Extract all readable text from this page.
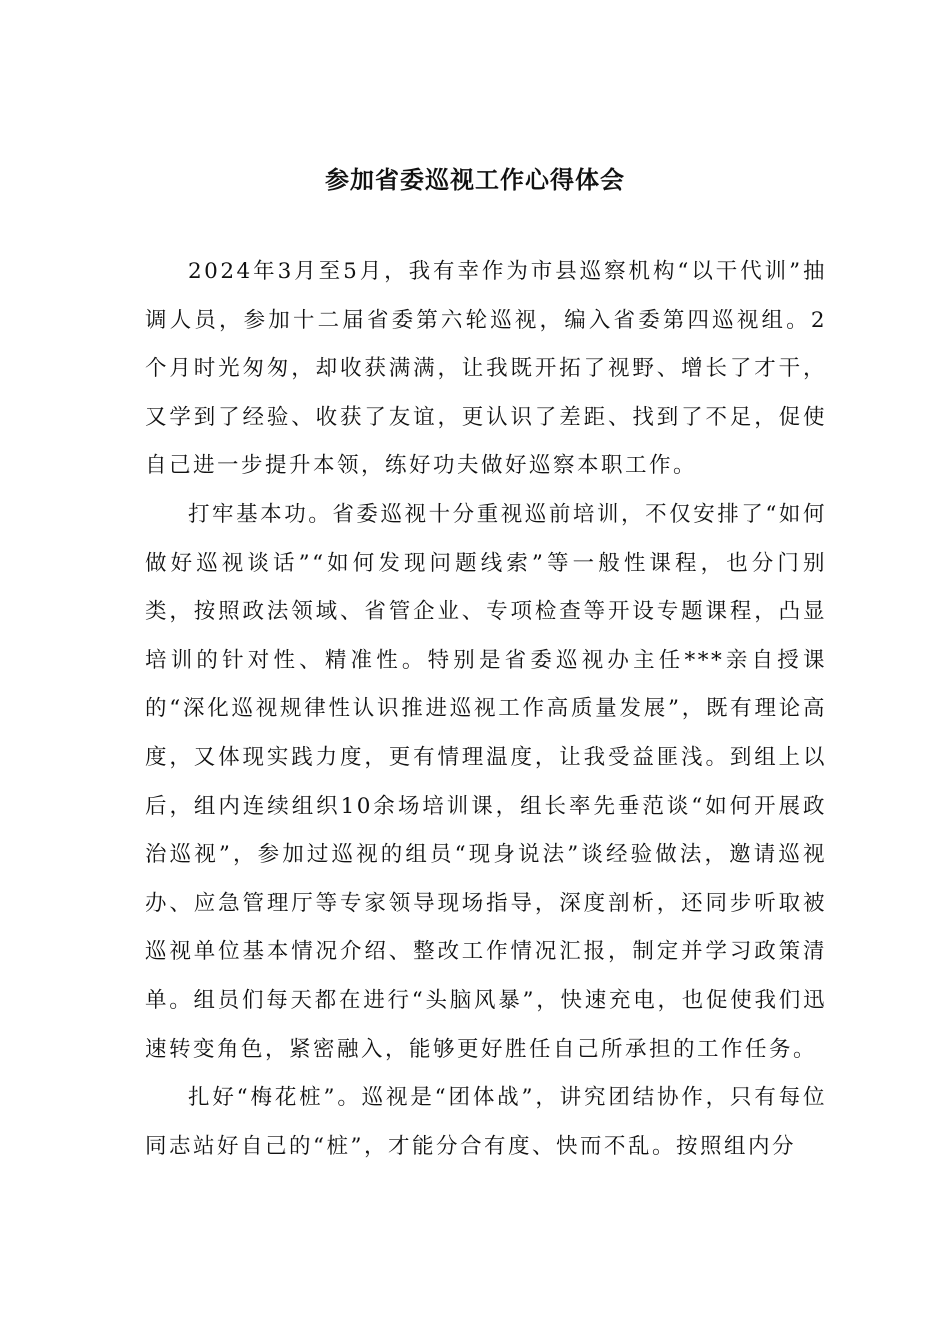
参加省委巡视工作心得体会

2024年3月至5月，我有幸作为市县巡察机构“以干代训”抽调人员，参加十二届省委第六轮巡视，编入省委第四巡视组。2个月时光匆匆，却收获满满，让我既开拓了视野、增长了才干，又学到了经验、收获了友谊，更认识了差距、找到了不足，促使自己进一步提升本领，练好功夫做好巡察本职工作。

打牢基本功。省委巡视十分重视巡前培训，不仅安排了“如何做好巡视谈话”“如何发现问题线索”等一般性课程，也分门别类，按照政法领域、省管企业、专项检查等开设专题课程，凸显培训的针对性、精准性。特别是省委巡视办主任***亲自授课的“深化巡视规律性认识推进巡视工作高质量发展”，既有理论高度，又体现实践力度，更有情理温度，让我受益匪浅。到组上以后，组内连续组织10余场培训课，组长率先垂范谈“如何开展政治巡视”，参加过巡视的组员“现身说法”谈经验做法，邀请巡视办、应急管理厅等专家领导现场指导，深度剖析，还同步听取被巡视单位基本情况介绍、整改工作情况汇报，制定并学习政策清单。组员们每天都在进行“头脑风暴”，快速充电，也促使我们迅速转变角色，紧密融入，能够更好胜任自己所承担的工作任务。

扎好“梅花桩”。巡视是“团体战”，讲究团结协作，只有每位同志站好自己的“桩”，才能分合有度、快而不乱。按照组内分
